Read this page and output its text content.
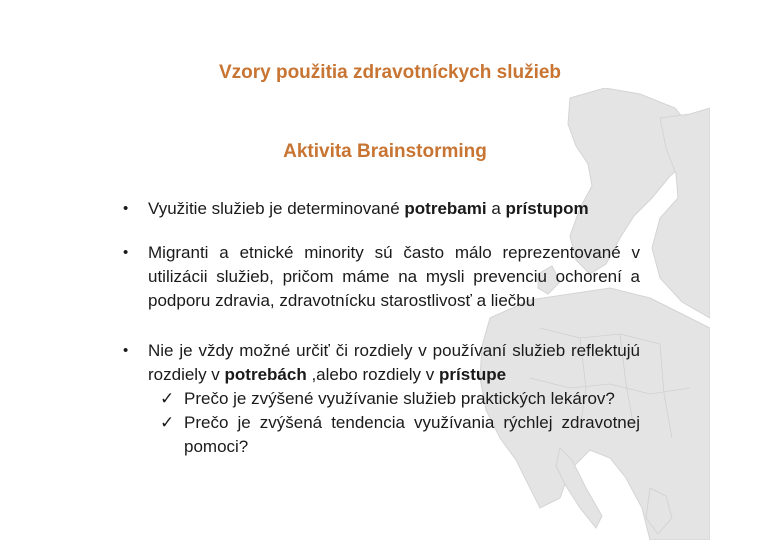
Vzory použitia zdravotníckych služieb
Aktivita Brainstorming
• Využitie služieb je determinované potrebami a prístupom
• Migranti a etnické minority sú často málo reprezentované v utilizácii služieb, pričom máme na mysli prevenciu ochorení a podporu zdravia, zdravotnícku starostlivosť a liečbu
• Nie je vždy možné určiť či rozdiely v používaní služieb reflektujú rozdiely v potrebách ,alebo rozdiely v prístupe
✓ Prečo je zvýšené využívanie služieb praktických lekárov?
✓ Prečo je zvýšená tendencia využívania rýchlej zdravotnej pomoci?
